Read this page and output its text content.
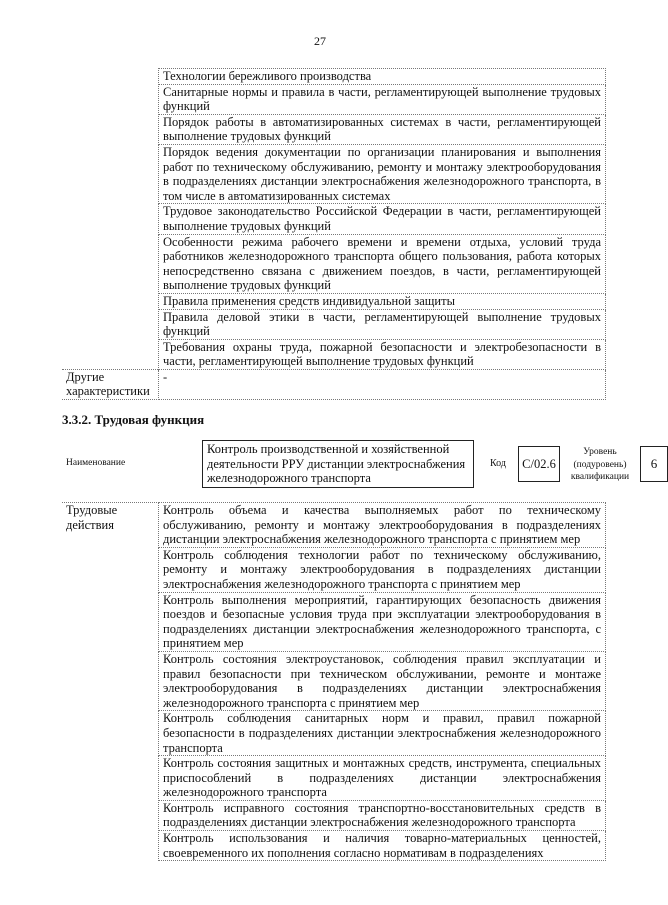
27
	Технологии бережливого производства
	Санитарные нормы и правила в части, регламентирующей выполнение трудовых функций
	Порядок работы в автоматизированных системах в части, регламентирующей выполнение трудовых функций
	Порядок ведения документации по организации планирования и выполнения работ по техническому обслуживанию, ремонту и монтажу электрооборудования в подразделениях дистанции электроснабжения железнодорожного транспорта, в том числе в автоматизированных системах
	Трудовое законодательство Российской Федерации в части, регламентирующей выполнение трудовых функций
	Особенности режима рабочего времени и времени отдыха, условий труда работников железнодорожного транспорта общего пользования, работа которых непосредственно связана с движением поездов, в части, регламентирующей выполнение трудовых функций
	Правила применения средств индивидуальной защиты
	Правила деловой этики в части, регламентирующей выполнение трудовых функций
	Требования охраны труда, пожарной безопасности и электробезопасности в части, регламентирующей выполнение трудовых функций
Другие характеристики	-
3.3.2. Трудовая функция
Наименование
Контроль производственной и хозяйственной деятельности РРУ дистанции электроснабжения железнодорожного транспорта
Код	С/02.6
Уровень (подуровень) квалификации
6
Трудовые действия	Контроль объема и качества выполняемых работ по техническому обслуживанию, ремонту и монтажу электрооборудования в подразделениях дистанции электроснабжения железнодорожного транспорта с принятием мер
Контроль соблюдения технологии работ по техническому обслуживанию, ремонту и монтажу электрооборудования в подразделениях дистанции электроснабжения железнодорожного транспорта с принятием мер
Контроль выполнения мероприятий, гарантирующих безопасность движения поездов и безопасные условия труда при эксплуатации электрооборудования в подразделениях дистанции электроснабжения железнодорожного транспорта, с принятием мер
Контроль состояния электроустановок, соблюдения правил эксплуатации и правил безопасности при техническом обслуживании, ремонте и монтаже электрооборудования в подразделениях дистанции электроснабжения железнодорожного транспорта с принятием мер
Контроль соблюдения санитарных норм и правил, правил пожарной безопасности в подразделениях дистанции электроснабжения железнодорожного транспорта
Контроль состояния защитных и монтажных средств, инструмента, специальных приспособлений в подразделениях дистанции электроснабжения железнодорожного транспорта
Контроль исправного состояния транспортно-восстановительных средств в подразделениях дистанции электроснабжения железнодорожного транспорта
Контроль использования и наличия товарно-материальных ценностей, своевременного их пополнения согласно нормативам в подразделениях
